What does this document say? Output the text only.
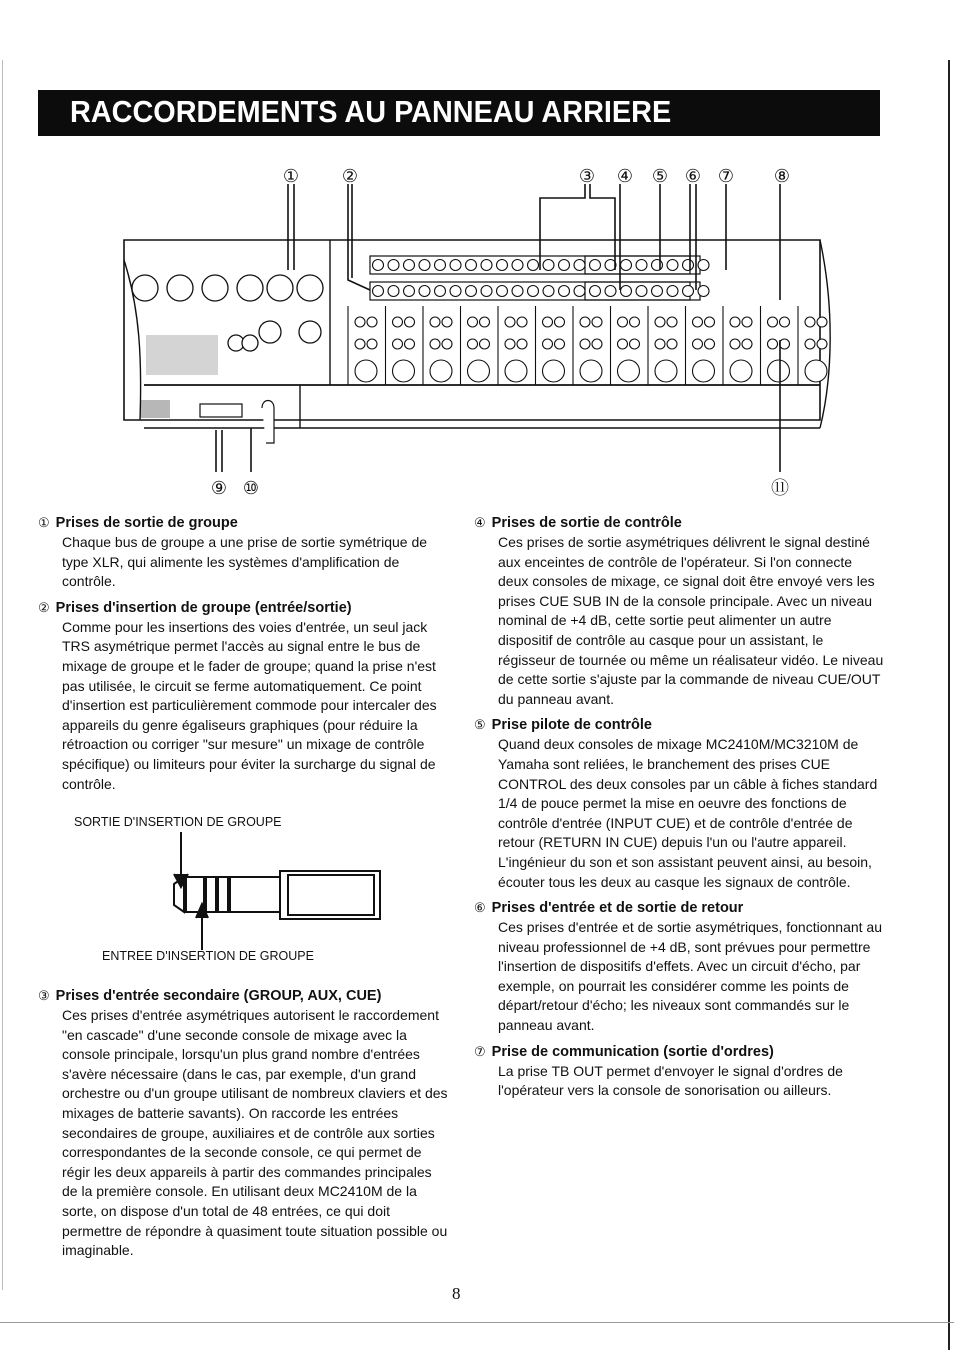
RACCORDEMENTS AU PANNEAU ARRIERE
① ②	③ ④ ⑤ ⑥ ⑦ ⑧
⑨ ⑩	⑪

① Prises de sortie de groupe

Chaque bus de groupe a une prise de sortie symétrique de type XLR, qui alimente les systèmes d'amplification de contrôle.

② Prises d'insertion de groupe (entrée/sortie)

Comme pour les insertions des voies d'entrée, un seul jack TRS asymétrique permet l'accès au signal entre le bus de mixage de groupe et le fader de groupe; quand la prise n'est pas utilisée, le circuit se ferme automatiquement. Ce point d'insertion est particulièrement commode pour intercaler des appareils du genre égaliseurs graphiques (pour réduire la rétroaction ou corriger "sur mesure" un mixage de contrôle spécifique) ou limiteurs pour éviter la surcharge du signal de contrôle.

SORTIE D'INSERTION DE GROUPE
ENTREE D'INSERTION DE GROUPE

③ Prises d'entrée secondaire (GROUP, AUX, CUE)

Ces prises d'entrée asymétriques autorisent le raccordement "en cascade" d'une seconde console de mixage avec la console principale, lorsqu'un plus grand nombre d'entrées s'avère nécessaire (dans le cas, par exemple, d'un grand orchestre ou d'un groupe utilisant de nombreux claviers et des mixages de batterie savants). On raccorde les entrées secondaires de groupe, auxiliaires et de contrôle aux sorties correspondantes de la seconde console, ce qui permet de régir les deux appareils à partir des commandes principales de la première console. En utilisant deux MC2410M de la sorte, on dispose d'un total de 48 entrées, ce qui doit permettre de répondre à quasiment toute situation possible ou imaginable.

④ Prises de sortie de contrôle

Ces prises de sortie asymétriques délivrent le signal destiné aux enceintes de contrôle de l'opérateur. Si l'on connecte deux consoles de mixage, ce signal doit être envoyé vers les prises CUE SUB IN de la console principale. Avec un niveau nominal de +4 dB, cette sortie peut alimenter un autre dispositif de contrôle au casque pour un assistant, le régisseur de tournée ou même un réalisateur vidéo. Le niveau de cette sortie s'ajuste par la commande de niveau CUE/OUT du panneau avant.

⑤ Prise pilote de contrôle

Quand deux consoles de mixage MC2410M/MC3210M de Yamaha sont reliées, le branchement des prises CUE CONTROL des deux consoles par un câble à fiches standard 1/4 de pouce permet la mise en oeuvre des fonctions de contrôle d'entrée (INPUT CUE) et de contrôle d'entrée de retour (RETURN IN CUE) depuis l'un ou l'autre appareil. L'ingénieur du son et son assistant peuvent ainsi, au besoin, écouter tous les deux au casque les signaux de contrôle.

⑥ Prises d'entrée et de sortie de retour

Ces prises d'entrée et de sortie asymétriques, fonctionnant au niveau professionnel de +4 dB, sont prévues pour permettre l'insertion de dispositifs d'effets. Avec un circuit d'écho, par exemple, on pourrait les considérer comme les points de départ/retour d'écho; les niveaux sont commandés sur le panneau avant.

⑦ Prise de communication (sortie d'ordres)

La prise TB OUT permet d'envoyer le signal d'ordres de l'opérateur vers la console de sonorisation ou ailleurs.

8
